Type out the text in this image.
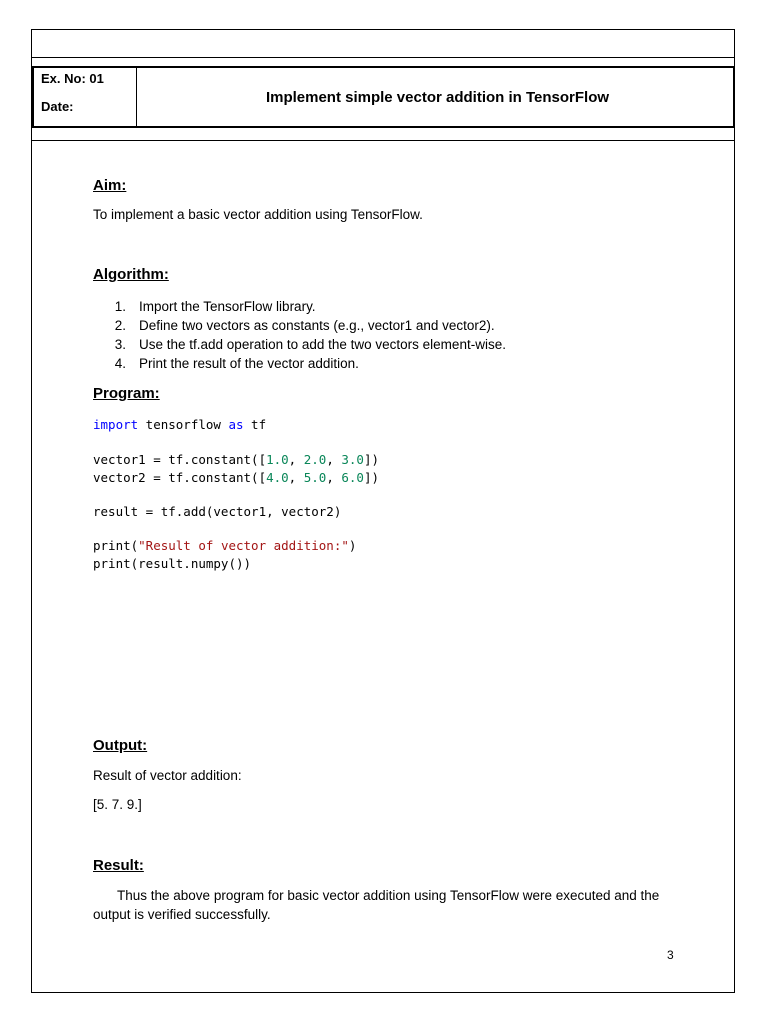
Ex. No: 01
Date:
Implement simple vector addition in TensorFlow
Aim:
To implement a basic vector addition using TensorFlow.
Algorithm:
1. Import the TensorFlow library.
2. Define two vectors as constants (e.g., vector1 and vector2).
3. Use the tf.add operation to add the two vectors element-wise.
4. Print the result of the vector addition.
Program:
import tensorflow as tf
vector1 = tf.constant([1.0, 2.0, 3.0])
vector2 = tf.constant([4.0, 5.0, 6.0])
result = tf.add(vector1, vector2)
print("Result of vector addition:")
print(result.numpy())
Output:
Result of vector addition:
[5. 7. 9.]
Result:
Thus the above program for basic vector addition using TensorFlow were executed and the output is verified successfully.
3
